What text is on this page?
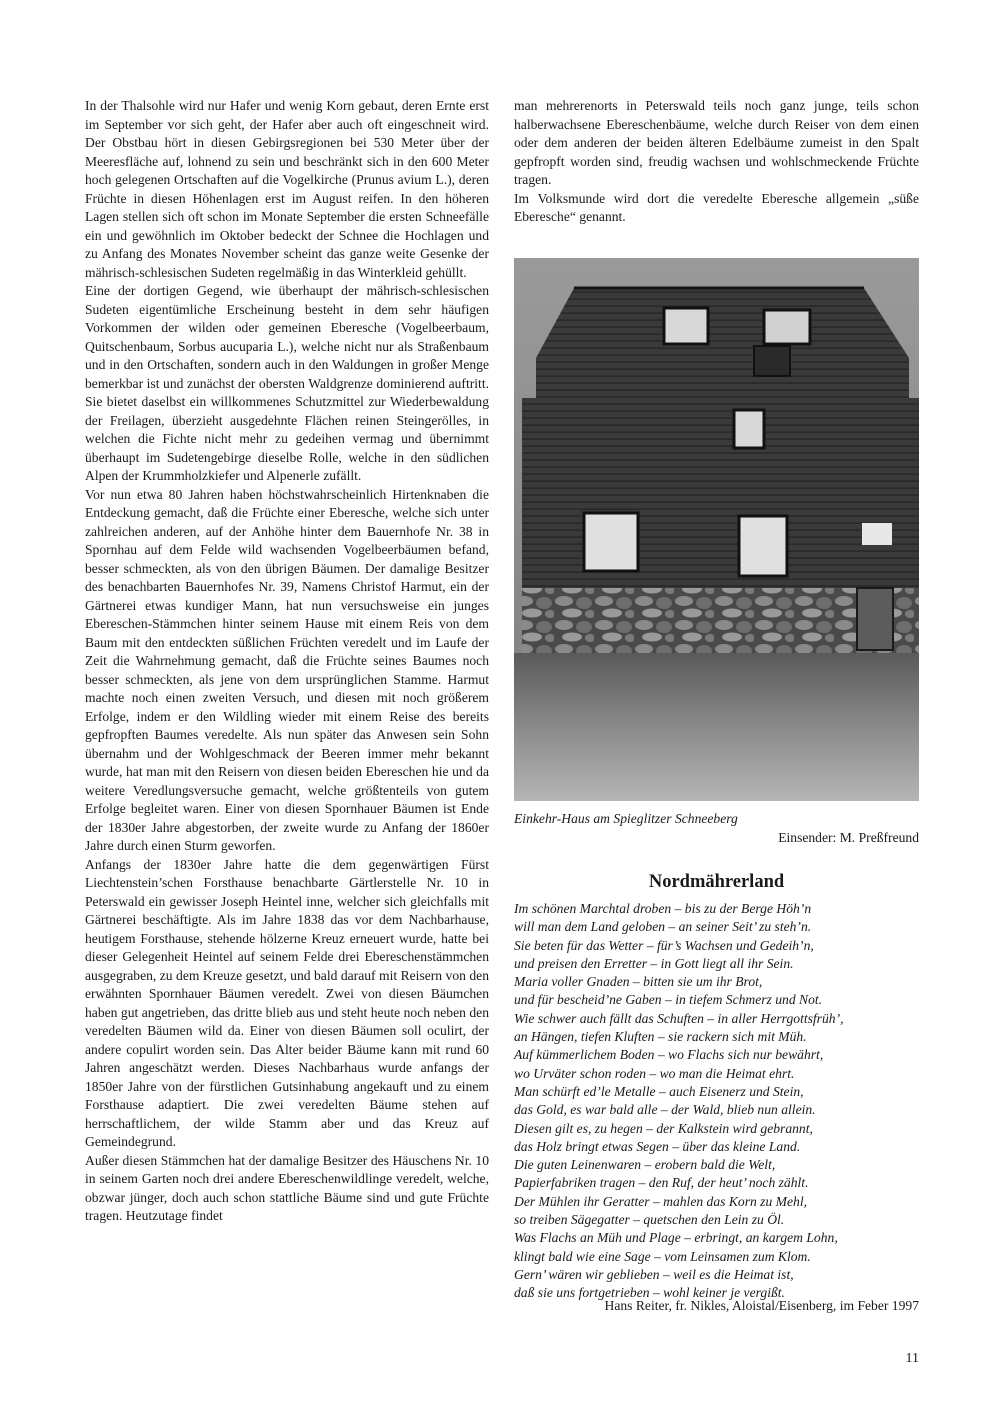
In der Thalsohle wird nur Hafer und wenig Korn gebaut, deren Ernte erst im September vor sich geht, der Hafer aber auch oft eingeschneit wird. Der Obstbau hört in diesen Gebirgsregionen bei 530 Meter über der Meeresfläche auf, lohnend zu sein und beschränkt sich in den 600 Meter hoch gelegenen Ortschaften auf die Vogelkirche (Prunus avium L.), deren Früchte in diesen Höhenlagen erst im August reifen. In den höheren Lagen stellen sich oft schon im Monate September die ersten Schneefälle ein und gewöhnlich im Oktober bedeckt der Schnee die Hochlagen und zu Anfang des Monates November scheint das ganze weite Gesenke der mährisch-schlesischen Sudeten regelmäßig in das Winterkleid gehüllt.

Eine der dortigen Gegend, wie überhaupt der mährisch-schlesischen Sudeten eigentümliche Erscheinung besteht in dem sehr häufigen Vorkommen der wilden oder gemeinen Eberesche (Vogelbeerbaum, Quitschenbaum, Sorbus aucuparia L.), welche nicht nur als Straßenbaum und in den Ortschaften, sondern auch in den Waldungen in großer Menge bemerkbar ist und zunächst der obersten Waldgrenze dominierend auftritt. Sie bietet daselbst ein willkommenes Schutzmittel zur Wiederbewaldung der Freilagen, überzieht ausgedehnte Flächen reinen Steingerölles, in welchen die Fichte nicht mehr zu gedeihen vermag und übernimmt überhaupt im Sudetengebirge dieselbe Rolle, welche in den südlichen Alpen der Krummholzkiefer und Alpenerle zufällt.

Vor nun etwa 80 Jahren haben höchstwahrscheinlich Hirtenknaben die Entdeckung gemacht, daß die Früchte einer Eberesche, welche sich unter zahlreichen anderen, auf der Anhöhe hinter dem Bauernhofe Nr. 38 in Spornhau auf dem Felde wild wachsenden Vogelbeerbäumen befand, besser schmeckten, als von den übrigen Bäumen. Der damalige Besitzer des benachbarten Bauernhofes Nr. 39, Namens Christof Harmut, ein der Gärtnerei etwas kundiger Mann, hat nun versuchsweise ein junges Ebereschen-Stämmchen hinter seinem Hause mit einem Reis von dem Baum mit den entdeckten süßlichen Früchten veredelt und im Laufe der Zeit die Wahrnehmung gemacht, daß die Früchte seines Baumes noch besser schmeckten, als jene von dem ursprünglichen Stamme. Harmut machte noch einen zweiten Versuch, und diesen mit noch größerem Erfolge, indem er den Wildling wieder mit einem Reise des bereits gepfropften Baumes veredelte. Als nun später das Anwesen sein Sohn übernahm und der Wohlgeschmack der Beeren immer mehr bekannt wurde, hat man mit den Reisern von diesen beiden Ebereschen hie und da weitere Veredlungsversuche gemacht, welche größtenteils von gutem Erfolge begleitet waren. Einer von diesen Spornhauer Bäumen ist Ende der 1830er Jahre abgestorben, der zweite wurde zu Anfang der 1860er Jahre durch einen Sturm geworfen.

Anfangs der 1830er Jahre hatte die dem gegenwärtigen Fürst Liechtenstein’schen Forsthause benachbarte Gärtlerstelle Nr. 10 in Peterswald ein gewisser Joseph Heintel inne, welcher sich gleichfalls mit Gärtnerei beschäftigte. Als im Jahre 1838 das vor dem Nachbarhause, heutigem Forsthause, stehende hölzerne Kreuz erneuert wurde, hatte bei dieser Gelegenheit Heintel auf seinem Felde drei Ebereschenstämmchen ausgegraben, zu dem Kreuze gesetzt, und bald darauf mit Reisern von den erwähnten Spornhauer Bäumen veredelt. Zwei von diesen Bäumchen haben gut angetrieben, das dritte blieb aus und steht heute noch neben den veredelten Bäumen wild da. Einer von diesen Bäumen soll oculirt, der andere copulirt worden sein. Das Alter beider Bäume kann mit rund 60 Jahren angeschätzt werden. Dieses Nachbarhaus wurde anfangs der 1850er Jahre von der fürstlichen Gutsinhabung angekauft und zu einem Forsthause adaptiert. Die zwei veredelten Bäume stehen auf herrschaftlichem, der wilde Stamm aber und das Kreuz auf Gemeindegrund.

Außer diesen Stämmchen hat der damalige Besitzer des Häuschens Nr. 10 in seinem Garten noch drei andere Ebereschenwildlinge veredelt, welche, obzwar jünger, doch auch schon stattliche Bäume sind und gute Früchte tragen. Heutzutage findet

man mehrerenorts in Peterswald teils noch ganz junge, teils schon halberwachsene Ebereschenbäume, welche durch Reiser von dem einen oder dem anderen der beiden älteren Edelbäume zumeist in den Spalt gepfropft worden sind, freudig wachsen und wohlschmeckende Früchte tragen.

Im Volksmunde wird dort die veredelte Eberesche allgemein „süße Eberesche“ genannt.

Einkehr-Haus am Spieglitzer Schneeberg

Einsender: M. Preßfreund

Nordmährerland
Im schönen Marchtal droben – bis zu der Berge Höh’n
will man dem Land geloben – an seiner Seit’ zu steh’n.
Sie beten für das Wetter – für’s Wachsen und Gedeih’n,
und preisen den Erretter – in Gott liegt all ihr Sein.
Maria voller Gnaden – bitten sie um ihr Brot,
und für bescheid’ne Gaben – in tiefem Schmerz und Not.
Wie schwer auch fällt das Schuften – in aller Herrgottsfrüh’,
an Hängen, tiefen Kluften – sie rackern sich mit Müh.
Auf kümmerlichem Boden – wo Flachs sich nur bewährt,
wo Urväter schon roden – wo man die Heimat ehrt.
Man schürft ed’le Metalle – auch Eisenerz und Stein,
das Gold, es war bald alle – der Wald, blieb nun allein.
Diesen gilt es, zu hegen – der Kalkstein wird gebrannt,
das Holz bringt etwas Segen – über das kleine Land.
Die guten Leinenwaren – erobern bald die Welt,
Papierfabriken tragen – den Ruf, der heut’ noch zählt.
Der Mühlen ihr Geratter – mahlen das Korn zu Mehl,
so treiben Sägegatter – quetschen den Lein zu Öl.
Was Flachs an Müh und Plage – erbringt, an kargem Lohn,
klingt bald wie eine Sage – vom Leinsamen zum Klom.
Gern’ wären wir geblieben – weil es die Heimat ist,
daß sie uns fortgetrieben – wohl keiner je vergißt.
Hans Reiter, fr. Nikles, Aloistal/Eisenberg, im Feber 1997
11
